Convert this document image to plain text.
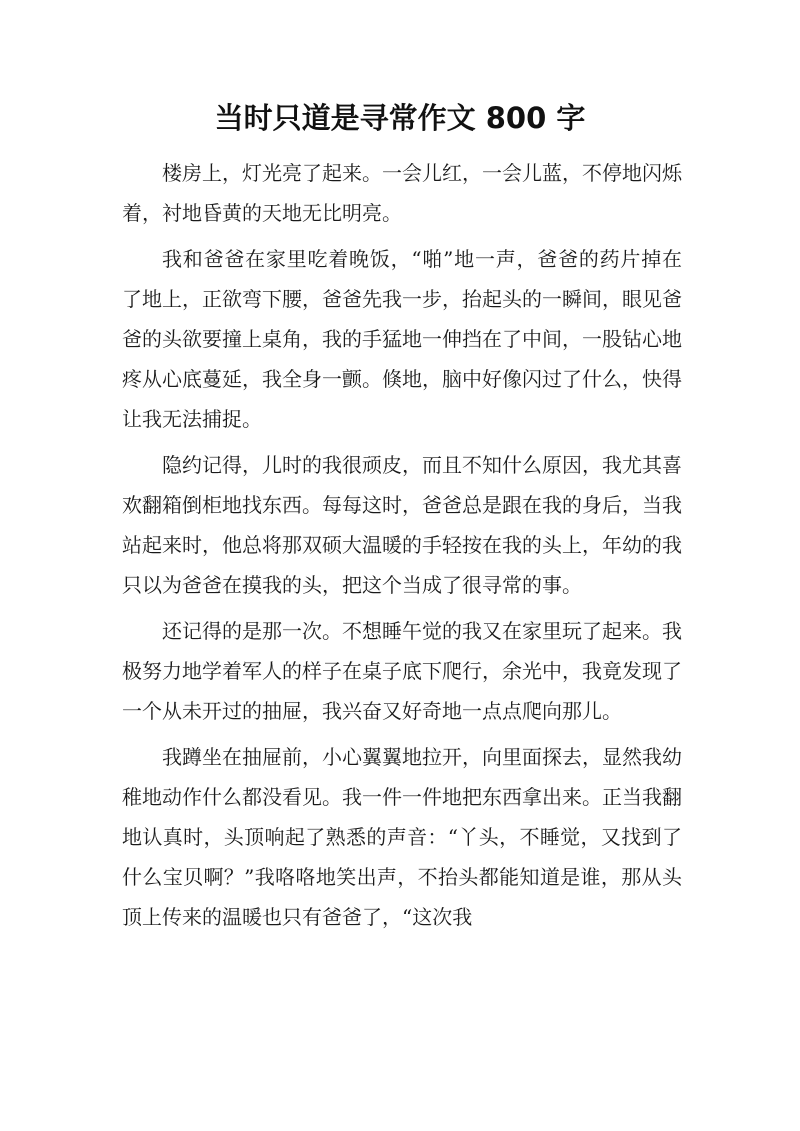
当时只道是寻常作文 800 字

楼房上，灯光亮了起来。一会儿红，一会儿蓝，不停地闪烁着，衬地昏黄的天地无比明亮。

我和爸爸在家里吃着晚饭，“啪”地一声，爸爸的药片掉在了地上，正欲弯下腰，爸爸先我一步，抬起头的一瞬间，眼见爸爸的头欲要撞上桌角，我的手猛地一伸挡在了中间，一股钻心地疼从心底蔓延，我全身一颤。倏地，脑中好像闪过了什么，快得让我无法捕捉。

隐约记得，儿时的我很顽皮，而且不知什么原因，我尤其喜欢翻箱倒柜地找东西。每每这时，爸爸总是跟在我的身后，当我站起来时，他总将那双硕大温暖的手轻按在我的头上，年幼的我只以为爸爸在摸我的头，把这个当成了很寻常的事。

还记得的是那一次。不想睡午觉的我又在家里玩了起来。我极努力地学着军人的样子在桌子底下爬行，余光中，我竟发现了一个从未开过的抽屉，我兴奋又好奇地一点点爬向那儿。

我蹲坐在抽屉前，小心翼翼地拉开，向里面探去，显然我幼稚地动作什么都没看见。我一件一件地把东西拿出来。正当我翻地认真时，头顶响起了熟悉的声音：“丫头，不睡觉，又找到了什么宝贝啊？”我咯咯地笑出声，不抬头都能知道是谁，那从头顶上传来的温暖也只有爸爸了，“这次我
